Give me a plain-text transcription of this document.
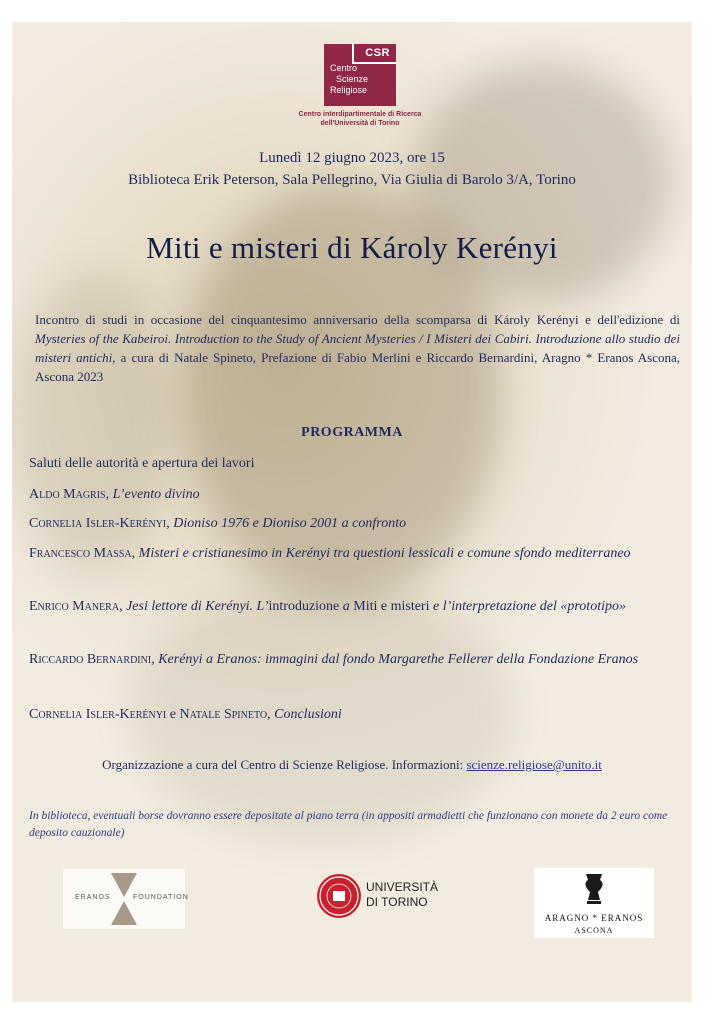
CSR
Centro
Scienze
Religiose
Centro interdipartimentale di Ricerca
dell'Università di Torino
Lunedì 12 giugno 2023, ore 15
Biblioteca Erik Peterson, Sala Pellegrino, Via Giulia di Barolo 3/A, Torino
Miti e misteri di Károly Kerényi
Incontro di studi in occasione del cinquantesimo anniversario della scomparsa di Károly Kerényi e dell'edizione di Mysteries of the Kabeiroi. Introduction to the Study of Ancient Mysteries / I Misteri dei Cabiri. Introduzione allo studio dei misteri antichi, a cura di Natale Spineto, Prefazione di Fabio Merlini e Riccardo Bernardini, Aragno * Eranos Ascona, Ascona 2023
PROGRAMMA
Saluti delle autorità e apertura dei lavori
Aldo Magris, L’evento divino
Cornelia Isler-Kerényi, Dioniso 1976 e Dioniso 2001 a confronto
Francesco Massa, Misteri e cristianesimo in Kerényi tra questioni lessicali e comune sfondo mediterraneo
Enrico Manera, Jesi lettore di Kerényi. L’introduzione a Miti e misteri e l’interpretazione del «prototipo»
Riccardo Bernardini, Kerényi a Eranos: immagini dal fondo Margarethe Fellerer della Fondazione Eranos
Cornelia Isler-Kerényi e Natale Spineto, Conclusioni
Organizzazione a cura del Centro di Scienze Religiose. Informazioni: scienze.religiose@unito.it
In biblioteca, eventuali borse dovranno essere depositate al piano terra (in appositi armadietti che funzionano con monete da 2 euro come deposito cauzionale)
ERANOS	FOUNDATION
UNIVERSITÀ
DI TORINO
ARAGNO * ERANOS
ASCONA
